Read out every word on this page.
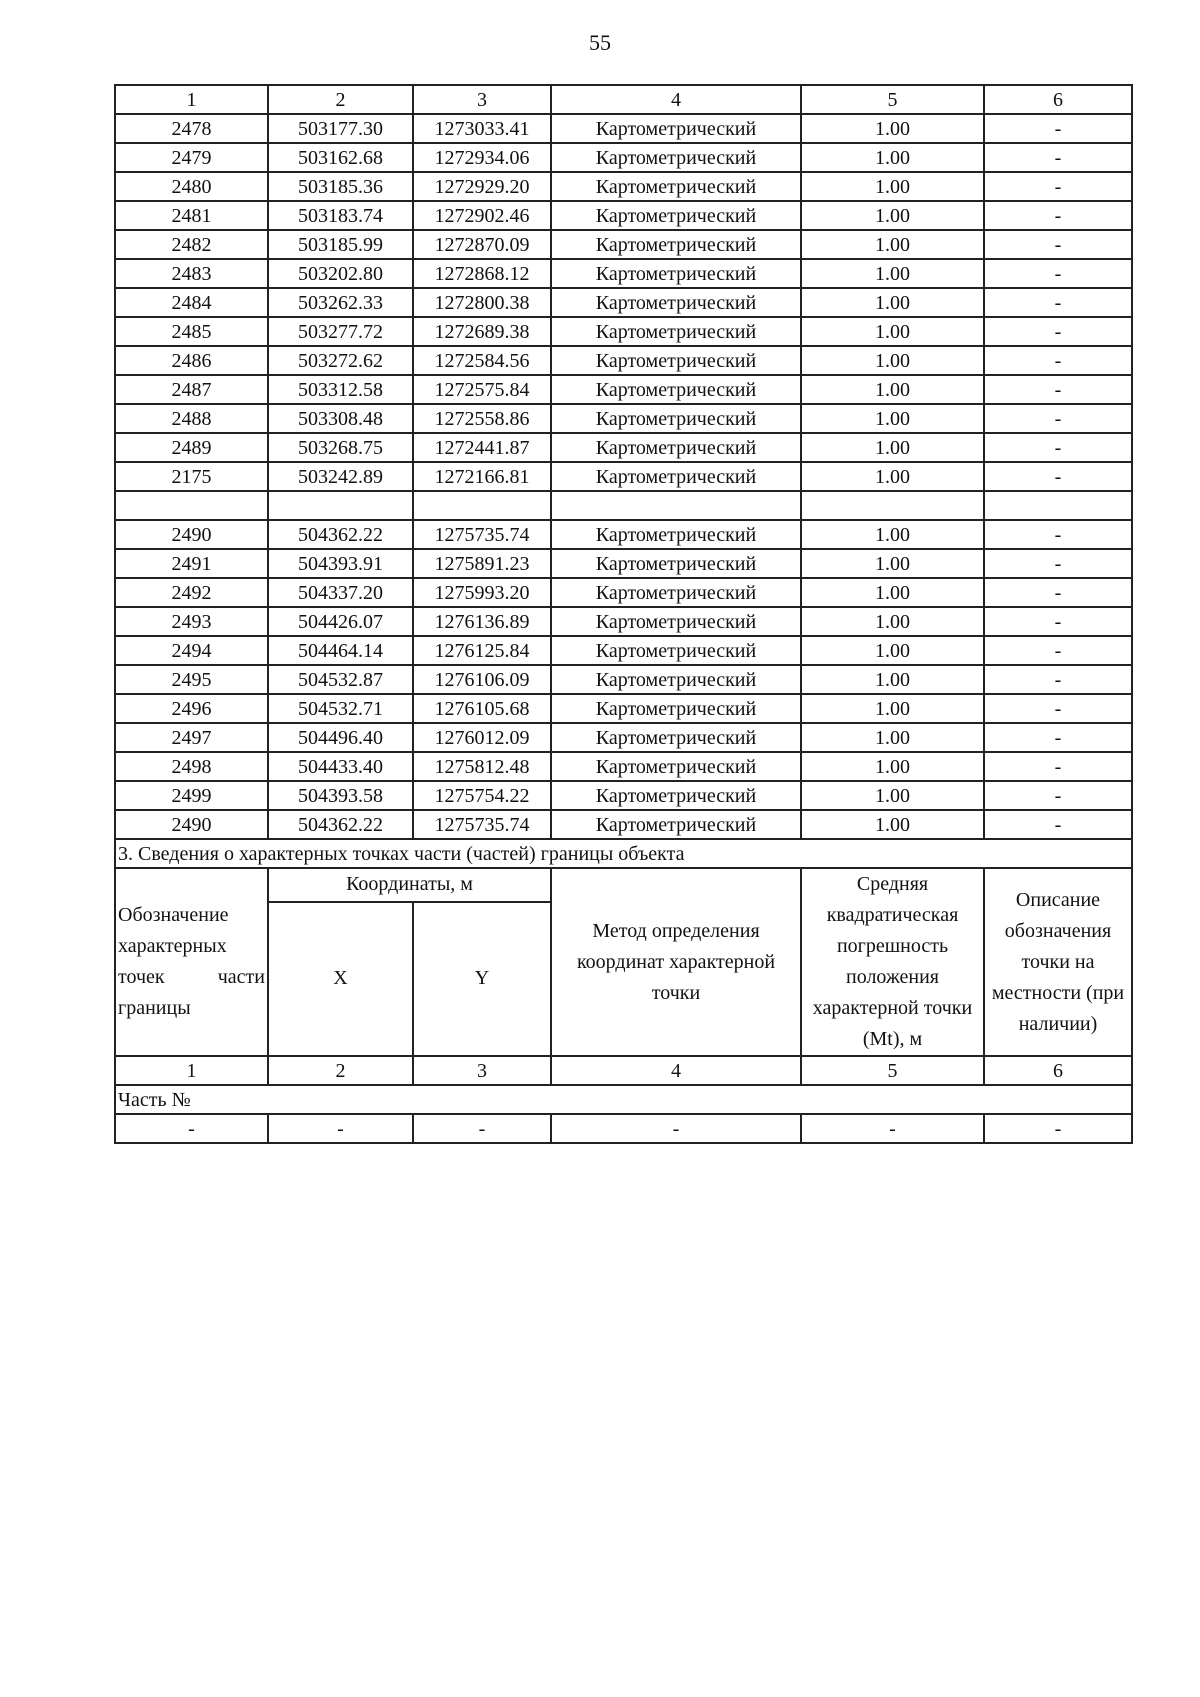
55
1	2	3	4	5	6
2478	503177.30	1273033.41	Картометрический	1.00	-
2479	503162.68	1272934.06	Картометрический	1.00	-
2480	503185.36	1272929.20	Картометрический	1.00	-
2481	503183.74	1272902.46	Картометрический	1.00	-
2482	503185.99	1272870.09	Картометрический	1.00	-
2483	503202.80	1272868.12	Картометрический	1.00	-
2484	503262.33	1272800.38	Картометрический	1.00	-
2485	503277.72	1272689.38	Картометрический	1.00	-
2486	503272.62	1272584.56	Картометрический	1.00	-
2487	503312.58	1272575.84	Картометрический	1.00	-
2488	503308.48	1272558.86	Картометрический	1.00	-
2489	503268.75	1272441.87	Картометрический	1.00	-
2175	503242.89	1272166.81	Картометрический	1.00	-

2490	504362.22	1275735.74	Картометрический	1.00	-
2491	504393.91	1275891.23	Картометрический	1.00	-
2492	504337.20	1275993.20	Картометрический	1.00	-
2493	504426.07	1276136.89	Картометрический	1.00	-
2494	504464.14	1276125.84	Картометрический	1.00	-
2495	504532.87	1276106.09	Картометрический	1.00	-
2496	504532.71	1276105.68	Картометрический	1.00	-
2497	504496.40	1276012.09	Картометрический	1.00	-
2498	504433.40	1275812.48	Картометрический	1.00	-
2499	504393.58	1275754.22	Картометрический	1.00	-
2490	504362.22	1275735.74	Картометрический	1.00	-
3. Сведения о характерных точках части (частей) границы объекта					
Обозначение характерных точек части границы	Координаты, м		Метод определения координат характерной точки	Средняя квадратическая погрешность положения характерной точки (Mt), м	Описание обозначения точки на местности (при наличии)
	X	Y			
1	2	3	4	5	6
Часть №					
-	-	-	-	-	-
